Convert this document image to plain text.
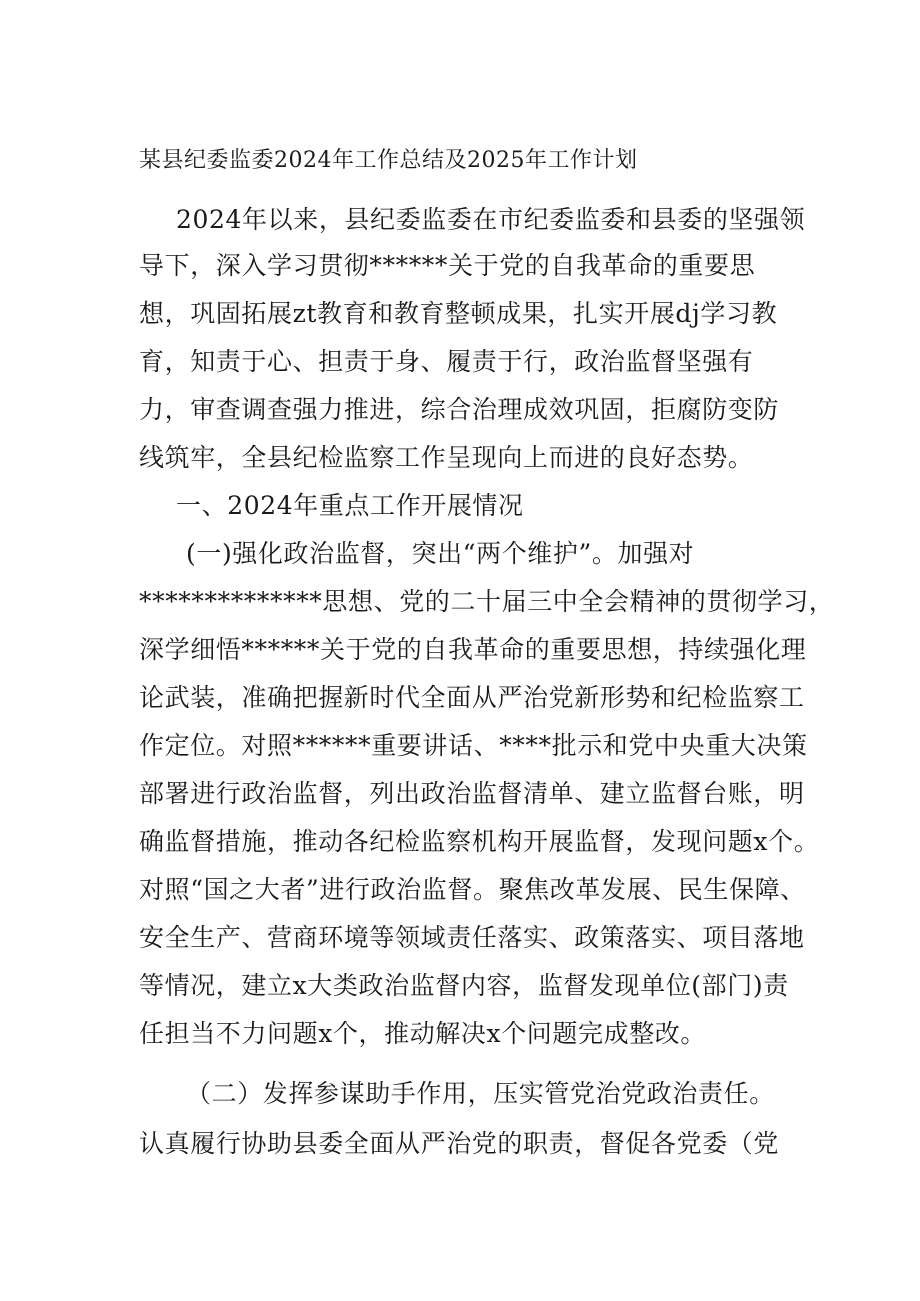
某县纪委监委2024年工作总结及2025年工作计划
2024年以来，县纪委监委在市纪委监委和县委的坚强领
导下，深入学习贯彻******关于党的自我革命的重要思
想，巩固拓展zt教育和教育整顿成果，扎实开展dj学习教
育，知责于心、担责于身、履责于行，政治监督坚强有
力，审查调查强力推进，综合治理成效巩固，拒腐防变防
线筑牢，全县纪检监察工作呈现向上而进的良好态势。
一、2024年重点工作开展情况
(一)强化政治监督，突出“两个维护”。加强对
**************思想、党的二十届三中全会精神的贯彻学习，
深学细悟******关于党的自我革命的重要思想，持续强化理
论武装，准确把握新时代全面从严治党新形势和纪检监察工
作定位。对照******重要讲话、****批示和党中央重大决策
部署进行政治监督，列出政治监督清单、建立监督台账，明
确监督措施，推动各纪检监察机构开展监督，发现问题x个。
对照“国之大者”进行政治监督。聚焦改革发展、民生保障、
安全生产、营商环境等领域责任落实、政策落实、项目落地
等情况，建立x大类政治监督内容，监督发现单位(部门)责
任担当不力问题x个，推动解决x个问题完成整改。
（二）发挥参谋助手作用，压实管党治党政治责任。
认真履行协助县委全面从严治党的职责，督促各党委（党
